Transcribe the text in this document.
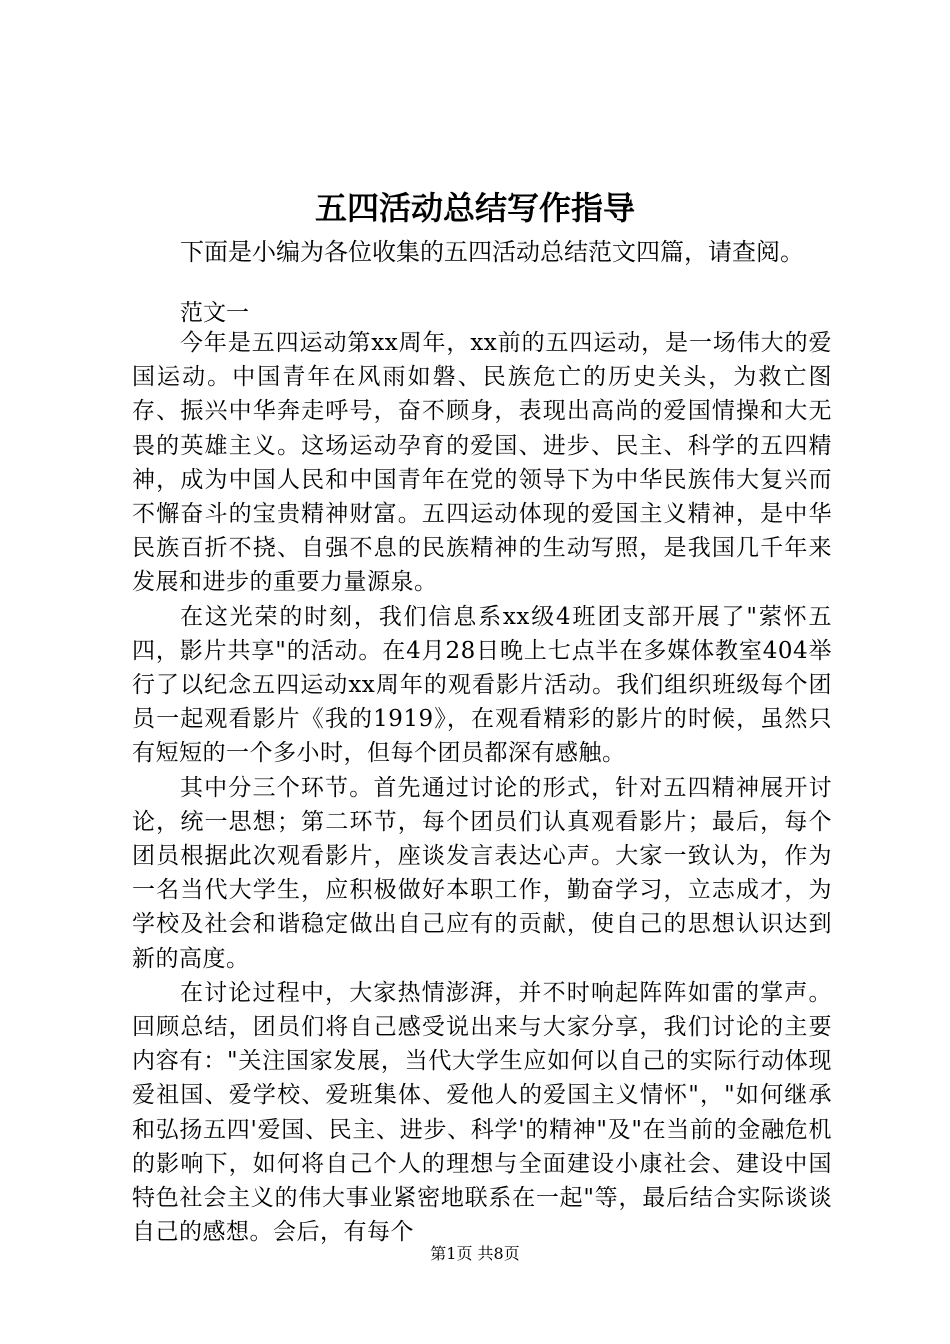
五四活动总结写作指导

下面是小编为各位收集的五四活动总结范文四篇，请查阅。

范文一

今年是五四运动第xx周年，xx前的五四运动，是一场伟大的爱国运动。中国青年在风雨如磐、民族危亡的历史关头，为救亡图存、振兴中华奔走呼号，奋不顾身，表现出高尚的爱国情操和大无畏的英雄主义。这场运动孕育的爱国、进步、民主、科学的五四精神，成为中国人民和中国青年在党的领导下为中华民族伟大复兴而不懈奋斗的宝贵精神财富。五四运动体现的爱国主义精神，是中华民族百折不挠、自强不息的民族精神的生动写照，是我国几千年来发展和进步的重要力量源泉。

在这光荣的时刻，我们信息系xx级4班团支部开展了"萦怀五四，影片共享"的活动。在4月28日晚上七点半在多媒体教室404举行了以纪念五四运动xx周年的观看影片活动。我们组织班级每个团员一起观看影片《我的1919》，在观看精彩的影片的时候，虽然只有短短的一个多小时，但每个团员都深有感触。

其中分三个环节。首先通过讨论的形式，针对五四精神展开讨论，统一思想；第二环节，每个团员们认真观看影片；最后，每个团员根据此次观看影片，座谈发言表达心声。大家一致认为，作为一名当代大学生，应积极做好本职工作，勤奋学习，立志成才，为学校及社会和谐稳定做出自己应有的贡献，使自己的思想认识达到新的高度。

在讨论过程中，大家热情澎湃，并不时响起阵阵如雷的掌声。回顾总结，团员们将自己感受说出来与大家分享，我们讨论的主要内容有："关注国家发展，当代大学生应如何以自己的实际行动体现爱祖国、爱学校、爱班集体、爱他人的爱国主义情怀"，"如何继承和弘扬五四'爱国、民主、进步、科学'的精神"及"在当前的金融危机的影响下，如何将自己个人的理想与全面建设小康社会、建设中国特色社会主义的伟大事业紧密地联系在一起"等，最后结合实际谈谈自己的感想。会后，有每个

第1页 共8页
